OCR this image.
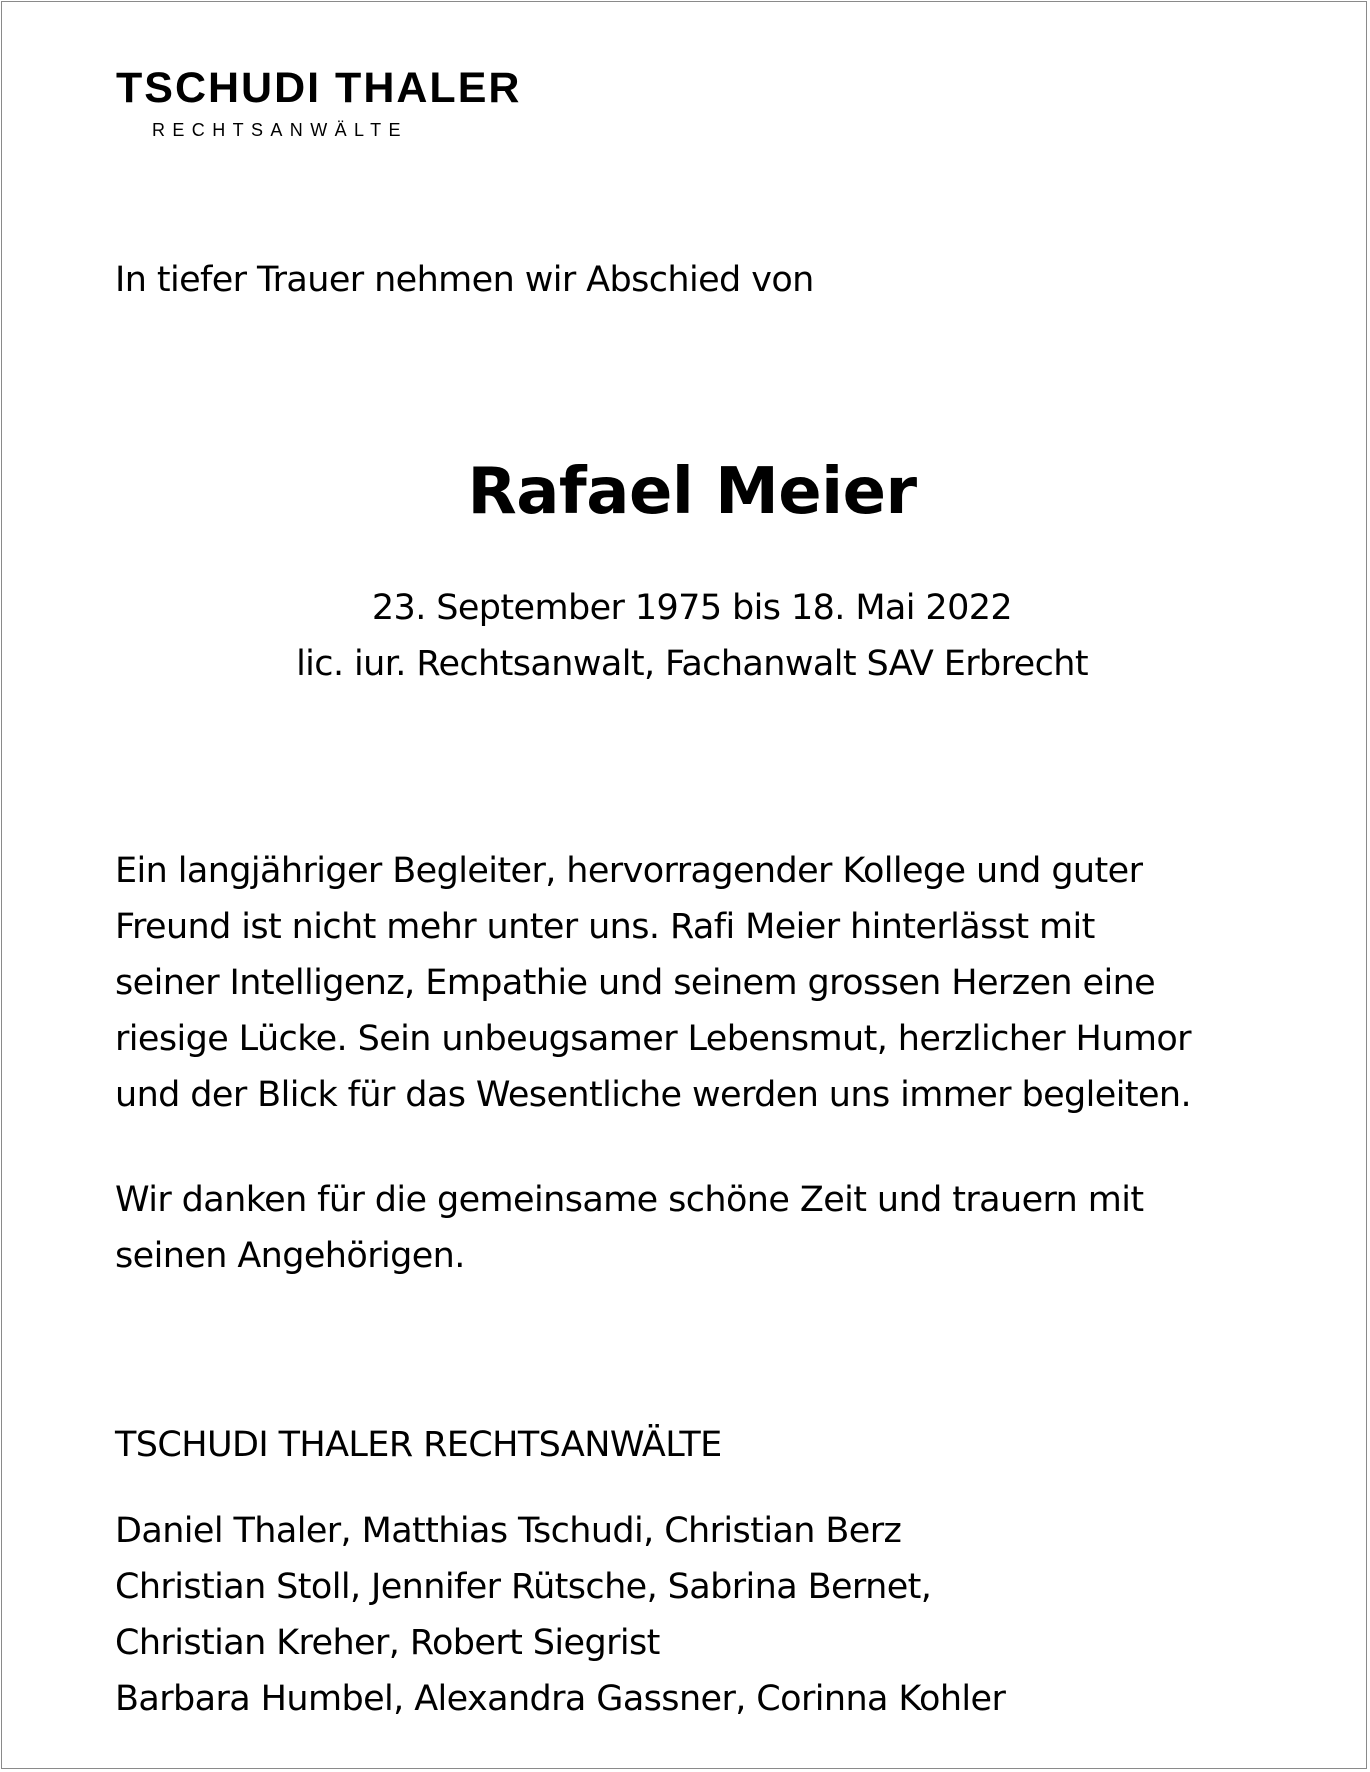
TSCHUDI THALER
RECHTSANWÄLTE
In tiefer Trauer nehmen wir Abschied von
Rafael Meier
23. September 1975 bis 18. Mai 2022
lic. iur. Rechtsanwalt, Fachanwalt SAV Erbrecht
Ein langjähriger Begleiter, hervorragender Kollege und guter
Freund ist nicht mehr unter uns. Rafi Meier hinterlässt mit
seiner Intelligenz, Empathie und seinem grossen Herzen eine
riesige Lücke. Sein unbeugsamer Lebensmut, herzlicher Humor
und der Blick für das Wesentliche werden uns immer begleiten.
Wir danken für die gemeinsame schöne Zeit und trauern mit
seinen Angehörigen.
TSCHUDI THALER RECHTSANWÄLTE
Daniel Thaler, Matthias Tschudi, Christian Berz
Christian Stoll, Jennifer Rütsche, Sabrina Bernet,
Christian Kreher, Robert Siegrist
Barbara Humbel, Alexandra Gassner, Corinna Kohler
